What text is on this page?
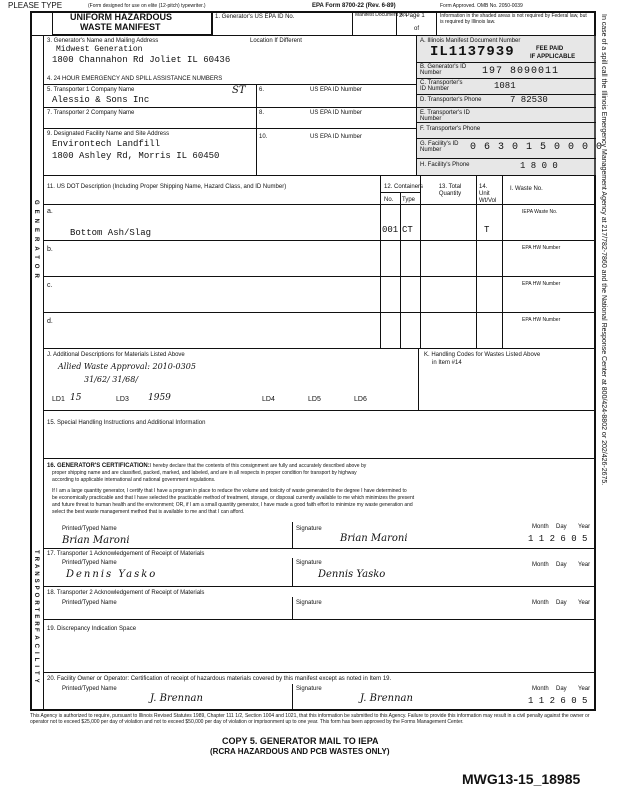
PLEASE TYPE	(Form designed for use on elite (12-pitch) typewriter.)	EPA Form 8700-22 (Rev. 6-89)	Form Approved. OMB No. 2050-0039
UNIFORM HAZARDOUS
WASTE MANIFEST
1. Generator's US EPA ID No.	Manifest Document No.
2. Page 1
of
Information in the shaded areas is not required by Federal law, but is required by Illinois law.
GENERATOR
TRANSPORTER
FACILITY
In case of a spill call the Illinois Emergency Management Agency at 217/782-7860 and the National Response Center at 800/424-8802 or 202/426-2675.
3. Generator's Name and Mailing Address	Location If Different
Midwest Generation
1800 Channahon Rd Joliet IL 60436
4. 24 HOUR EMERGENCY AND SPILL ASSISTANCE NUMBERS
ST
5. Transporter 1 Company Name
Alessio & Sons Inc
6.	US EPA ID Number
7. Transporter 2 Company Name	8.	US EPA ID Number
9. Designated Facility Name and Site Address
Environtech Landfill
1800 Ashley Rd, Morris IL 60450
10.	US EPA ID Number
A. Illinois Manifest Document Number
IL1137939	FEE PAID
IF APPLICABLE
B. Generator's ID Number	197 8090011
C. Transporter's ID Number	1081
D. Transporter's Phone	7 82530
E. Transporter's ID Number
F. Transporter's Phone
G. Facility's ID Number	0 6 3 0 1 5 0 0 0 0
H. Facility's Phone	1 8 0 0
11. US DOT Description (Including Proper Shipping Name, Hazard Class, and ID Number)	12. Containers
No. Type
13. Total Quantity
14. Unit Wt/Vol
I. Waste No.
a.
Bottom Ash/Slag	001 CT	T
IEPA Waste No.
b.	EPA HW Number
c.	EPA HW Number
d.	EPA HW Number
J. Additional Descriptions for Materials Listed Above	K. Handling Codes for Wastes Listed Above
in Item #14
Allied Waste Approval: 2010-0305
31/62/ 31/68/
LD1 15	LD3 1959	LD4	LD5	LD6
15. Special Handling Instructions and Additional Information
16. GENERATOR'S CERTIFICATION: I hereby declare that the contents of this consignment are fully and accurately described above by
proper shipping name and are classified, packed, marked, and labeled, and are in all respects in proper condition for transport by highway
according to applicable international and national government regulations.
If I am a large quantity generator, I certify that I have a program in place to reduce the volume and toxicity of waste generated to the degree I have determined to
be economically practicable and that I have selected the practicable method of treatment, storage, or disposal currently available to me which minimizes the present
and future threat to human health and the environment; OR, if I am a small quantity generator, I have made a good faith effort to minimize my waste generation and
select the best waste management method that is available to me and that I can afford.
Printed/Typed Name	Signature	Month Day Year
Brian Maroni	Brian Maroni	1 1 2 6 0 5
17. Transporter 1 Acknowledgement of Receipt of Materials
Printed/Typed Name	Signature	Month Day Year
Dennis Yasko	Dennis Yasko
18. Transporter 2 Acknowledgement of Receipt of Materials
Printed/Typed Name	Signature	Month Day Year
19. Discrepancy Indication Space
20. Facility Owner or Operator: Certification of receipt of hazardous materials covered by this manifest except as noted in Item 19.
Printed/Typed Name	Signature	Month Day Year
J. Brennan	J. Brennan	1 1 2 6 0 5
This Agency is authorized to require, pursuant to Illinois Revised Statutes 1989, Chapter 111 1/2, Section 1004 and 1021, that this information be submitted to this Agency. Failure to provide this information may result in a civil penalty against the owner or operator not to exceed $25,000 per day of violation and not to exceed $50,000 per day of violation or imprisonment up to one year. This form has been approved by the Forms Management Center.
COPY 5. GENERATOR MAIL TO IEPA
(RCRA HAZARDOUS AND PCB WASTES ONLY)
MWG13-15_18985
